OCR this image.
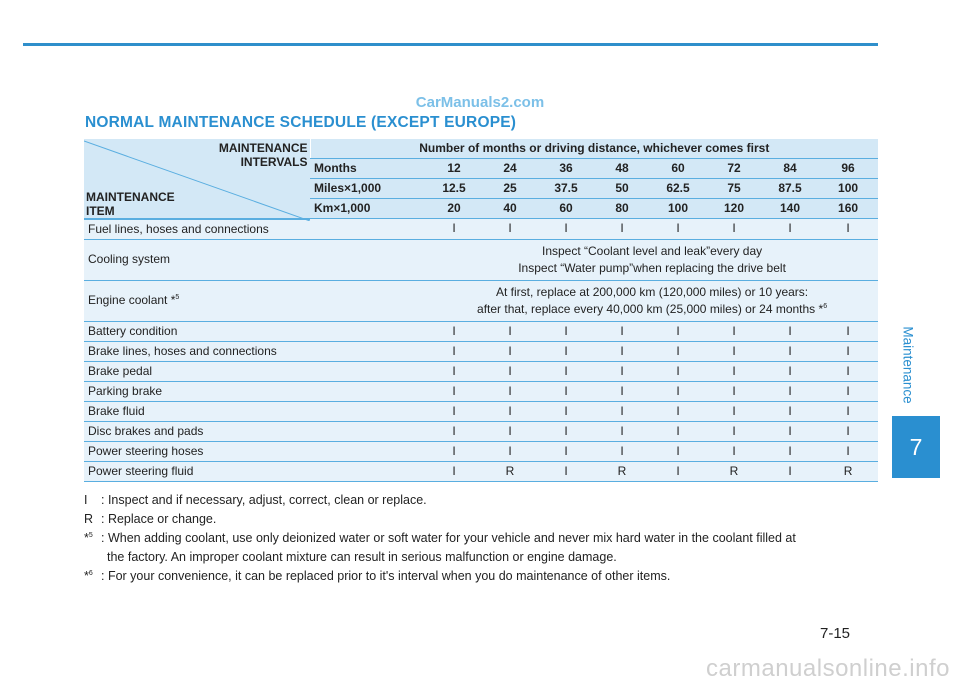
CarManuals2.com
NORMAL MAINTENANCE SCHEDULE (EXCEPT EUROPE)
MAINTENANCE
INTERVALS
MAINTENANCE
ITEM	Number of months or driving distance, whichever comes first								
	Months	12	24	36	48	60	72	84	96
	Miles×1,000	12.5	25	37.5	50	62.5	75	87.5	100
	Km×1,000	20	40	60	80	100	120	140	160
Fuel lines, hoses and connections		I	I	I	I	I	I	I	I
Cooling system		Inspect “Coolant level and leak”every day
Inspect “Water pump”when replacing the drive belt							

Engine coolant *$^5$		At first, replace at 200,000 km (120,000 miles) or 10 years:
after that, replace every 40,000 km (25,000 miles) or 24 months *$^6$

Battery condition		I	I	I	I	I	I	I	I
Brake lines, hoses and connections		I	I	I	I	I	I	I	I
Brake pedal		I	I	I	I	I	I	I	I
Parking brake		I	I	I	I	I	I	I	I
Brake fluid		I	I	I	I	I	I	I	I
Disc brakes and pads		I	I	I	I	I	I	I	I
Power steering hoses		I	I	I	I	I	I	I	I
Power steering fluid		I	R	I	R	I	R	I	R
I : Inspect and if necessary, adjust, correct, clean or replace.
R : Replace or change.
*$^5$ : When adding coolant, use only deionized water or soft water for your vehicle and never mix hard water in the coolant filled at
the factory. An improper coolant mixture can result in serious malfunction or engine damage.
*$^6$ : For your convenience, it can be replaced prior to it's interval when you do maintenance of other items.
Maintenance
7
7-15
carmanualsonline.info
